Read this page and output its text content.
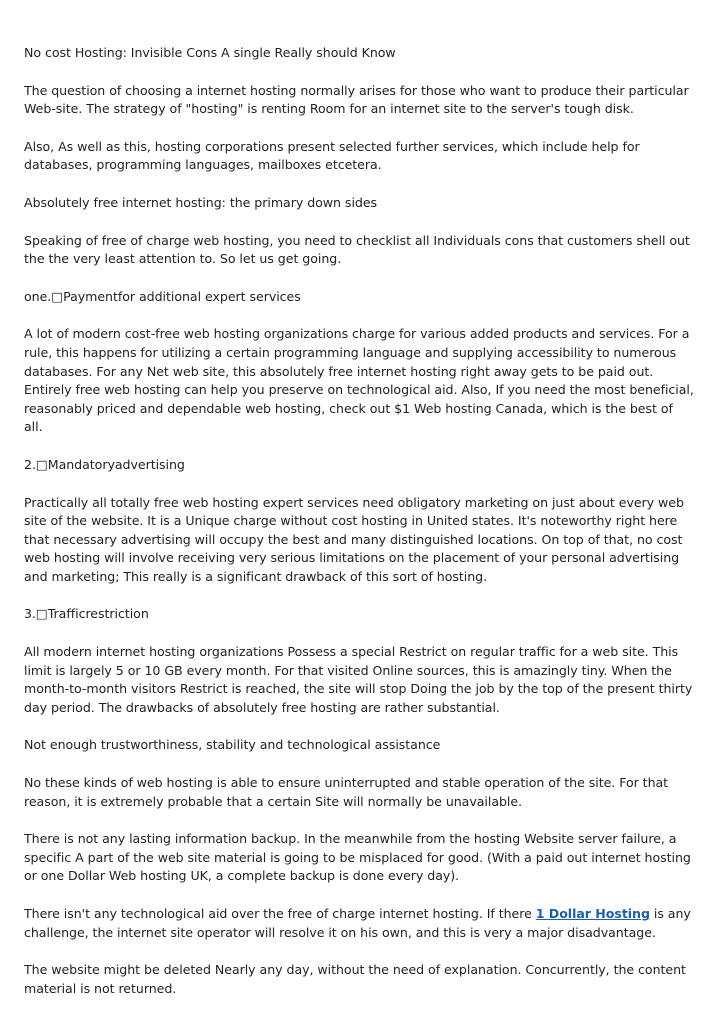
No cost Hosting: Invisible Cons A single Really should Know

The question of choosing a internet hosting normally arises for those who want to produce their particular Web-site. The strategy of "hosting" is renting Room for an internet site to the server's tough disk.

Also, As well as this, hosting corporations present selected further services, which include help for databases, programming languages, mailboxes etcetera.

Absolutely free internet hosting: the primary down sides

Speaking of free of charge web hosting, you need to checklist all Individuals cons that customers shell out the the very least attention to. So let us get going.

one.□Paymentfor additional expert services

A lot of modern cost-free web hosting organizations charge for various added products and services. For a rule, this happens for utilizing a certain programming language and supplying accessibility to numerous databases. For any Net web site, this absolutely free internet hosting right away gets to be paid out. Entirely free web hosting can help you preserve on technological aid. Also, If you need the most beneficial, reasonably priced and dependable web hosting, check out $1 Web hosting Canada, which is the best of all.

2.□Mandatoryadvertising

Practically all totally free web hosting expert services need obligatory marketing on just about every web site of the website. It is a Unique charge without cost hosting in United states. It's noteworthy right here that necessary advertising will occupy the best and many distinguished locations. On top of that, no cost web hosting will involve receiving very serious limitations on the placement of your personal advertising and marketing; This really is a significant drawback of this sort of hosting.

3.□Trafficrestriction

All modern internet hosting organizations Possess a special Restrict on regular traffic for a web site. This limit is largely 5 or 10 GB every month. For that visited Online sources, this is amazingly tiny. When the month-to-month visitors Restrict is reached, the site will stop Doing the job by the top of the present thirty day period. The drawbacks of absolutely free hosting are rather substantial.

Not enough trustworthiness, stability and technological assistance

No these kinds of web hosting is able to ensure uninterrupted and stable operation of the site. For that reason, it is extremely probable that a certain Site will normally be unavailable.

There is not any lasting information backup. In the meanwhile from the hosting Website server failure, a specific A part of the web site material is going to be misplaced for good. (With a paid out internet hosting or one Dollar Web hosting UK, a complete backup is done every day).

There isn't any technological aid over the free of charge internet hosting. If there 1 Dollar Hosting is any challenge, the internet site operator will resolve it on his own, and this is very a major disadvantage.

The website might be deleted Nearly any day, without the need of explanation. Concurrently, the content material is not returned.
